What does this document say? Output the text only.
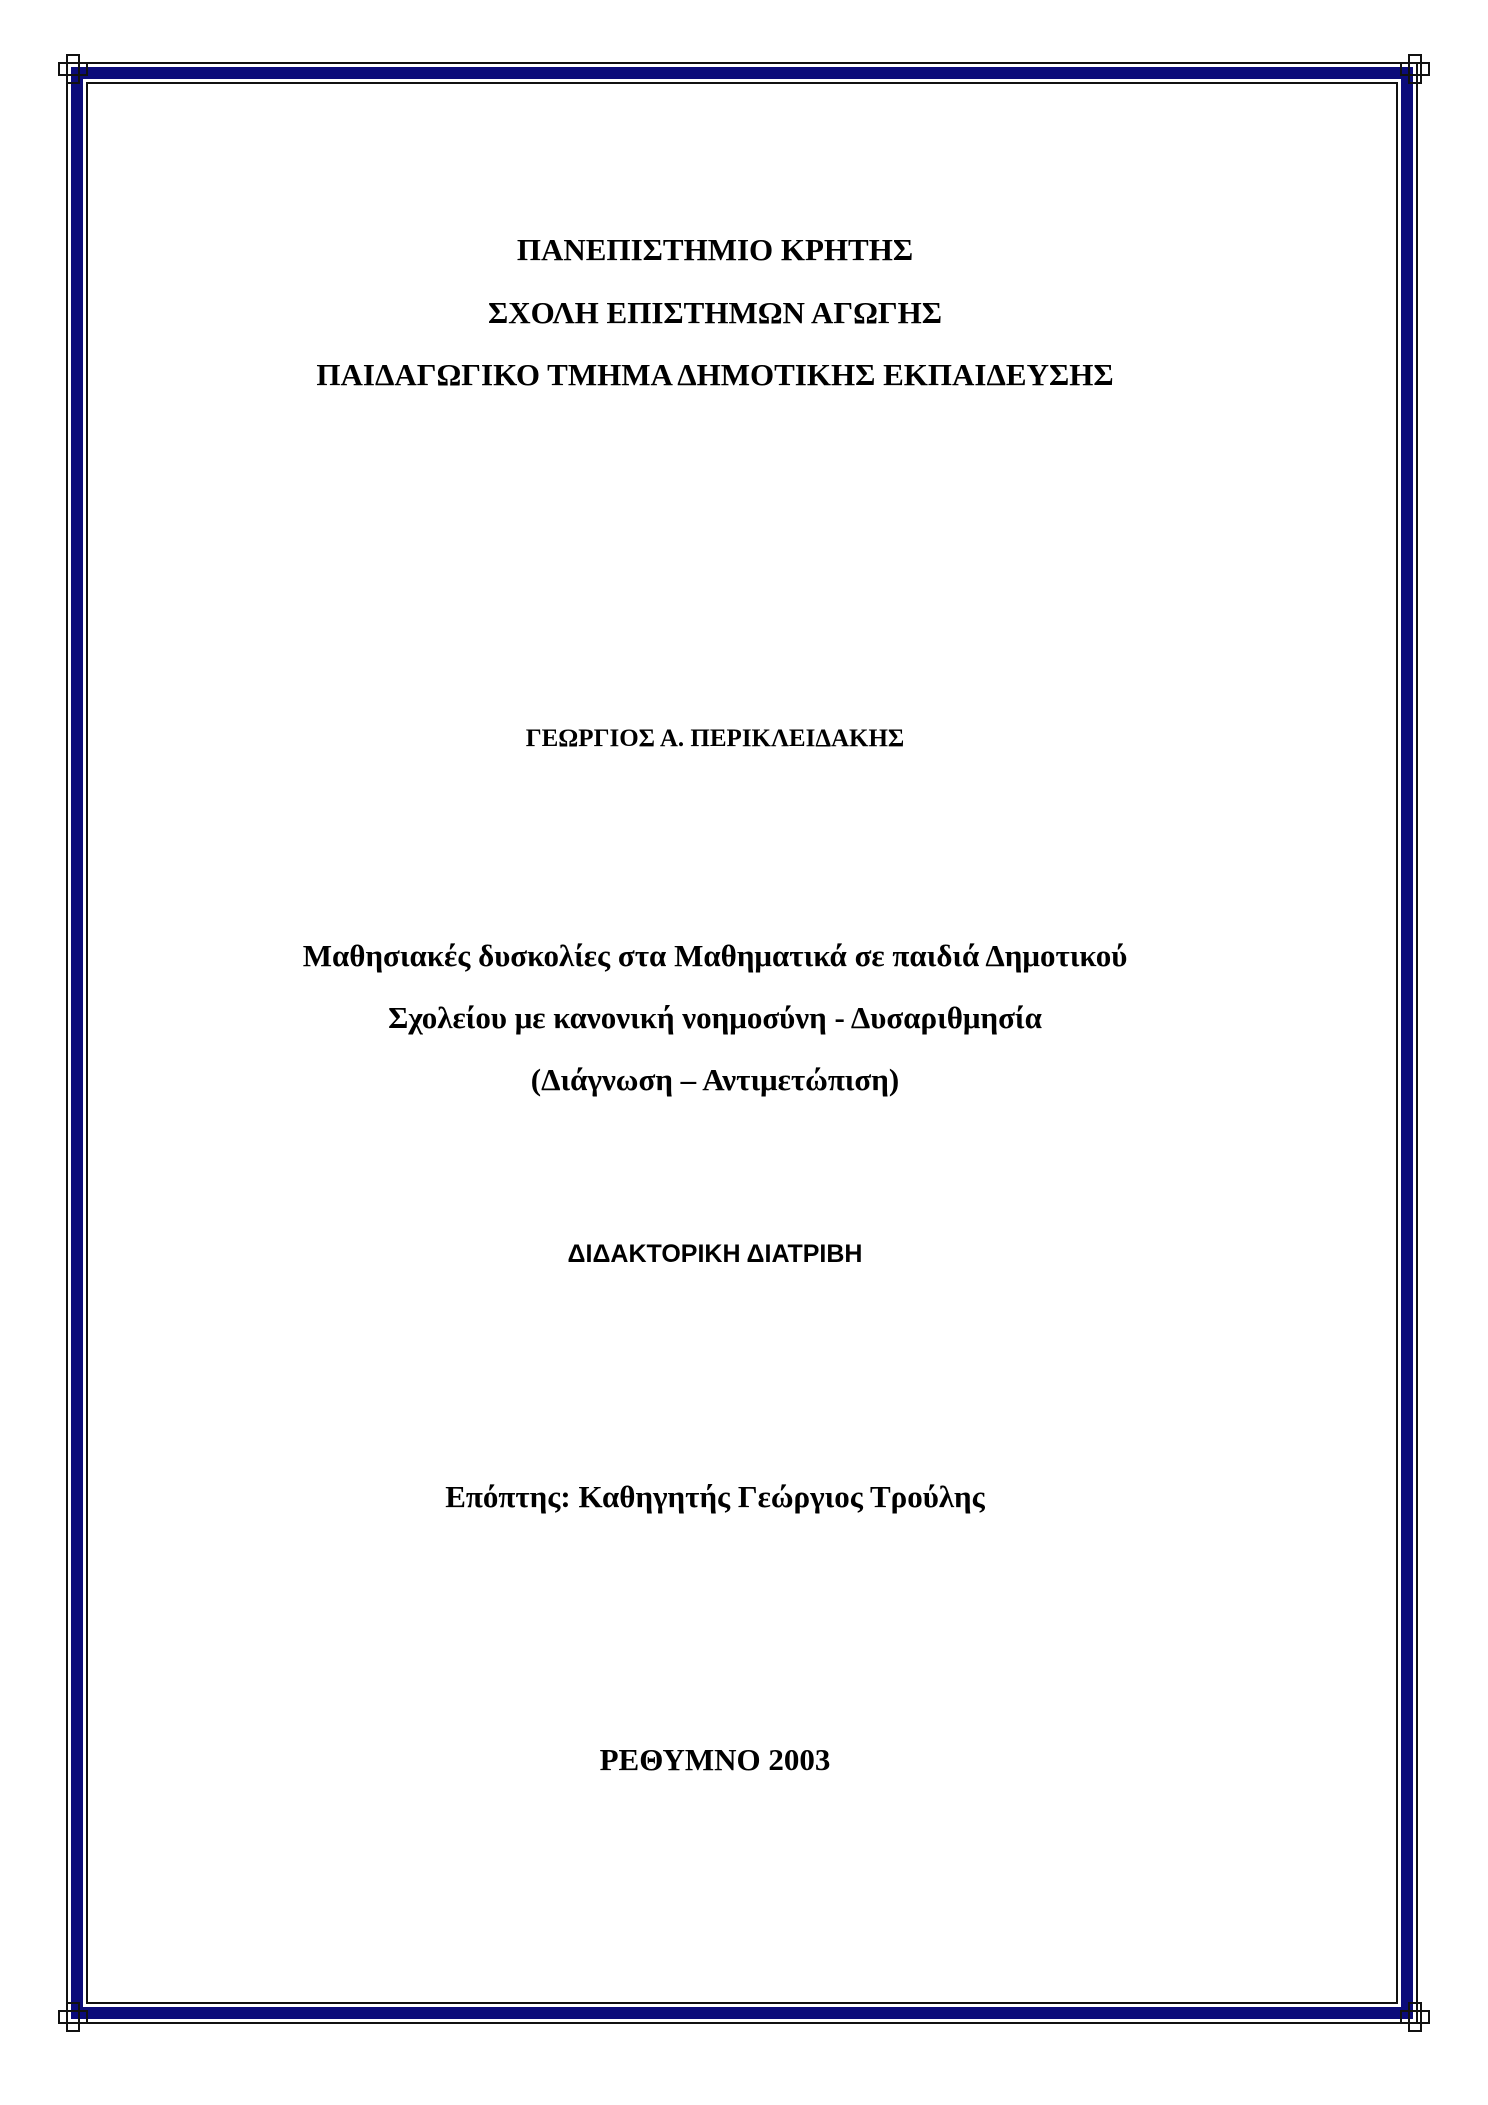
ΠΑΝΕΠΙΣΤΗΜΙΟ ΚΡΗΤΗΣ
ΣΧΟΛΗ ΕΠΙΣΤΗΜΩΝ ΑΓΩΓΗΣ
ΠΑΙΔΑΓΩΓΙΚΟ ΤΜΗΜΑ ΔΗΜΟΤΙΚΗΣ ΕΚΠΑΙΔΕΥΣΗΣ
ΓΕΩΡΓΙΟΣ Α. ΠΕΡΙΚΛΕΙΔΑΚΗΣ
Μαθησιακές δυσκολίες στα Μαθηματικά σε παιδιά Δημοτικού
Σχολείου με κανονική νοημοσύνη - Δυσαριθμησία
(Διάγνωση – Αντιμετώπιση)
ΔΙΔΑΚΤΟΡΙΚΗ ΔΙΑΤΡΙΒΗ
Επόπτης: Καθηγητής Γεώργιος Τρούλης
ΡΕΘΥΜΝΟ 2003
